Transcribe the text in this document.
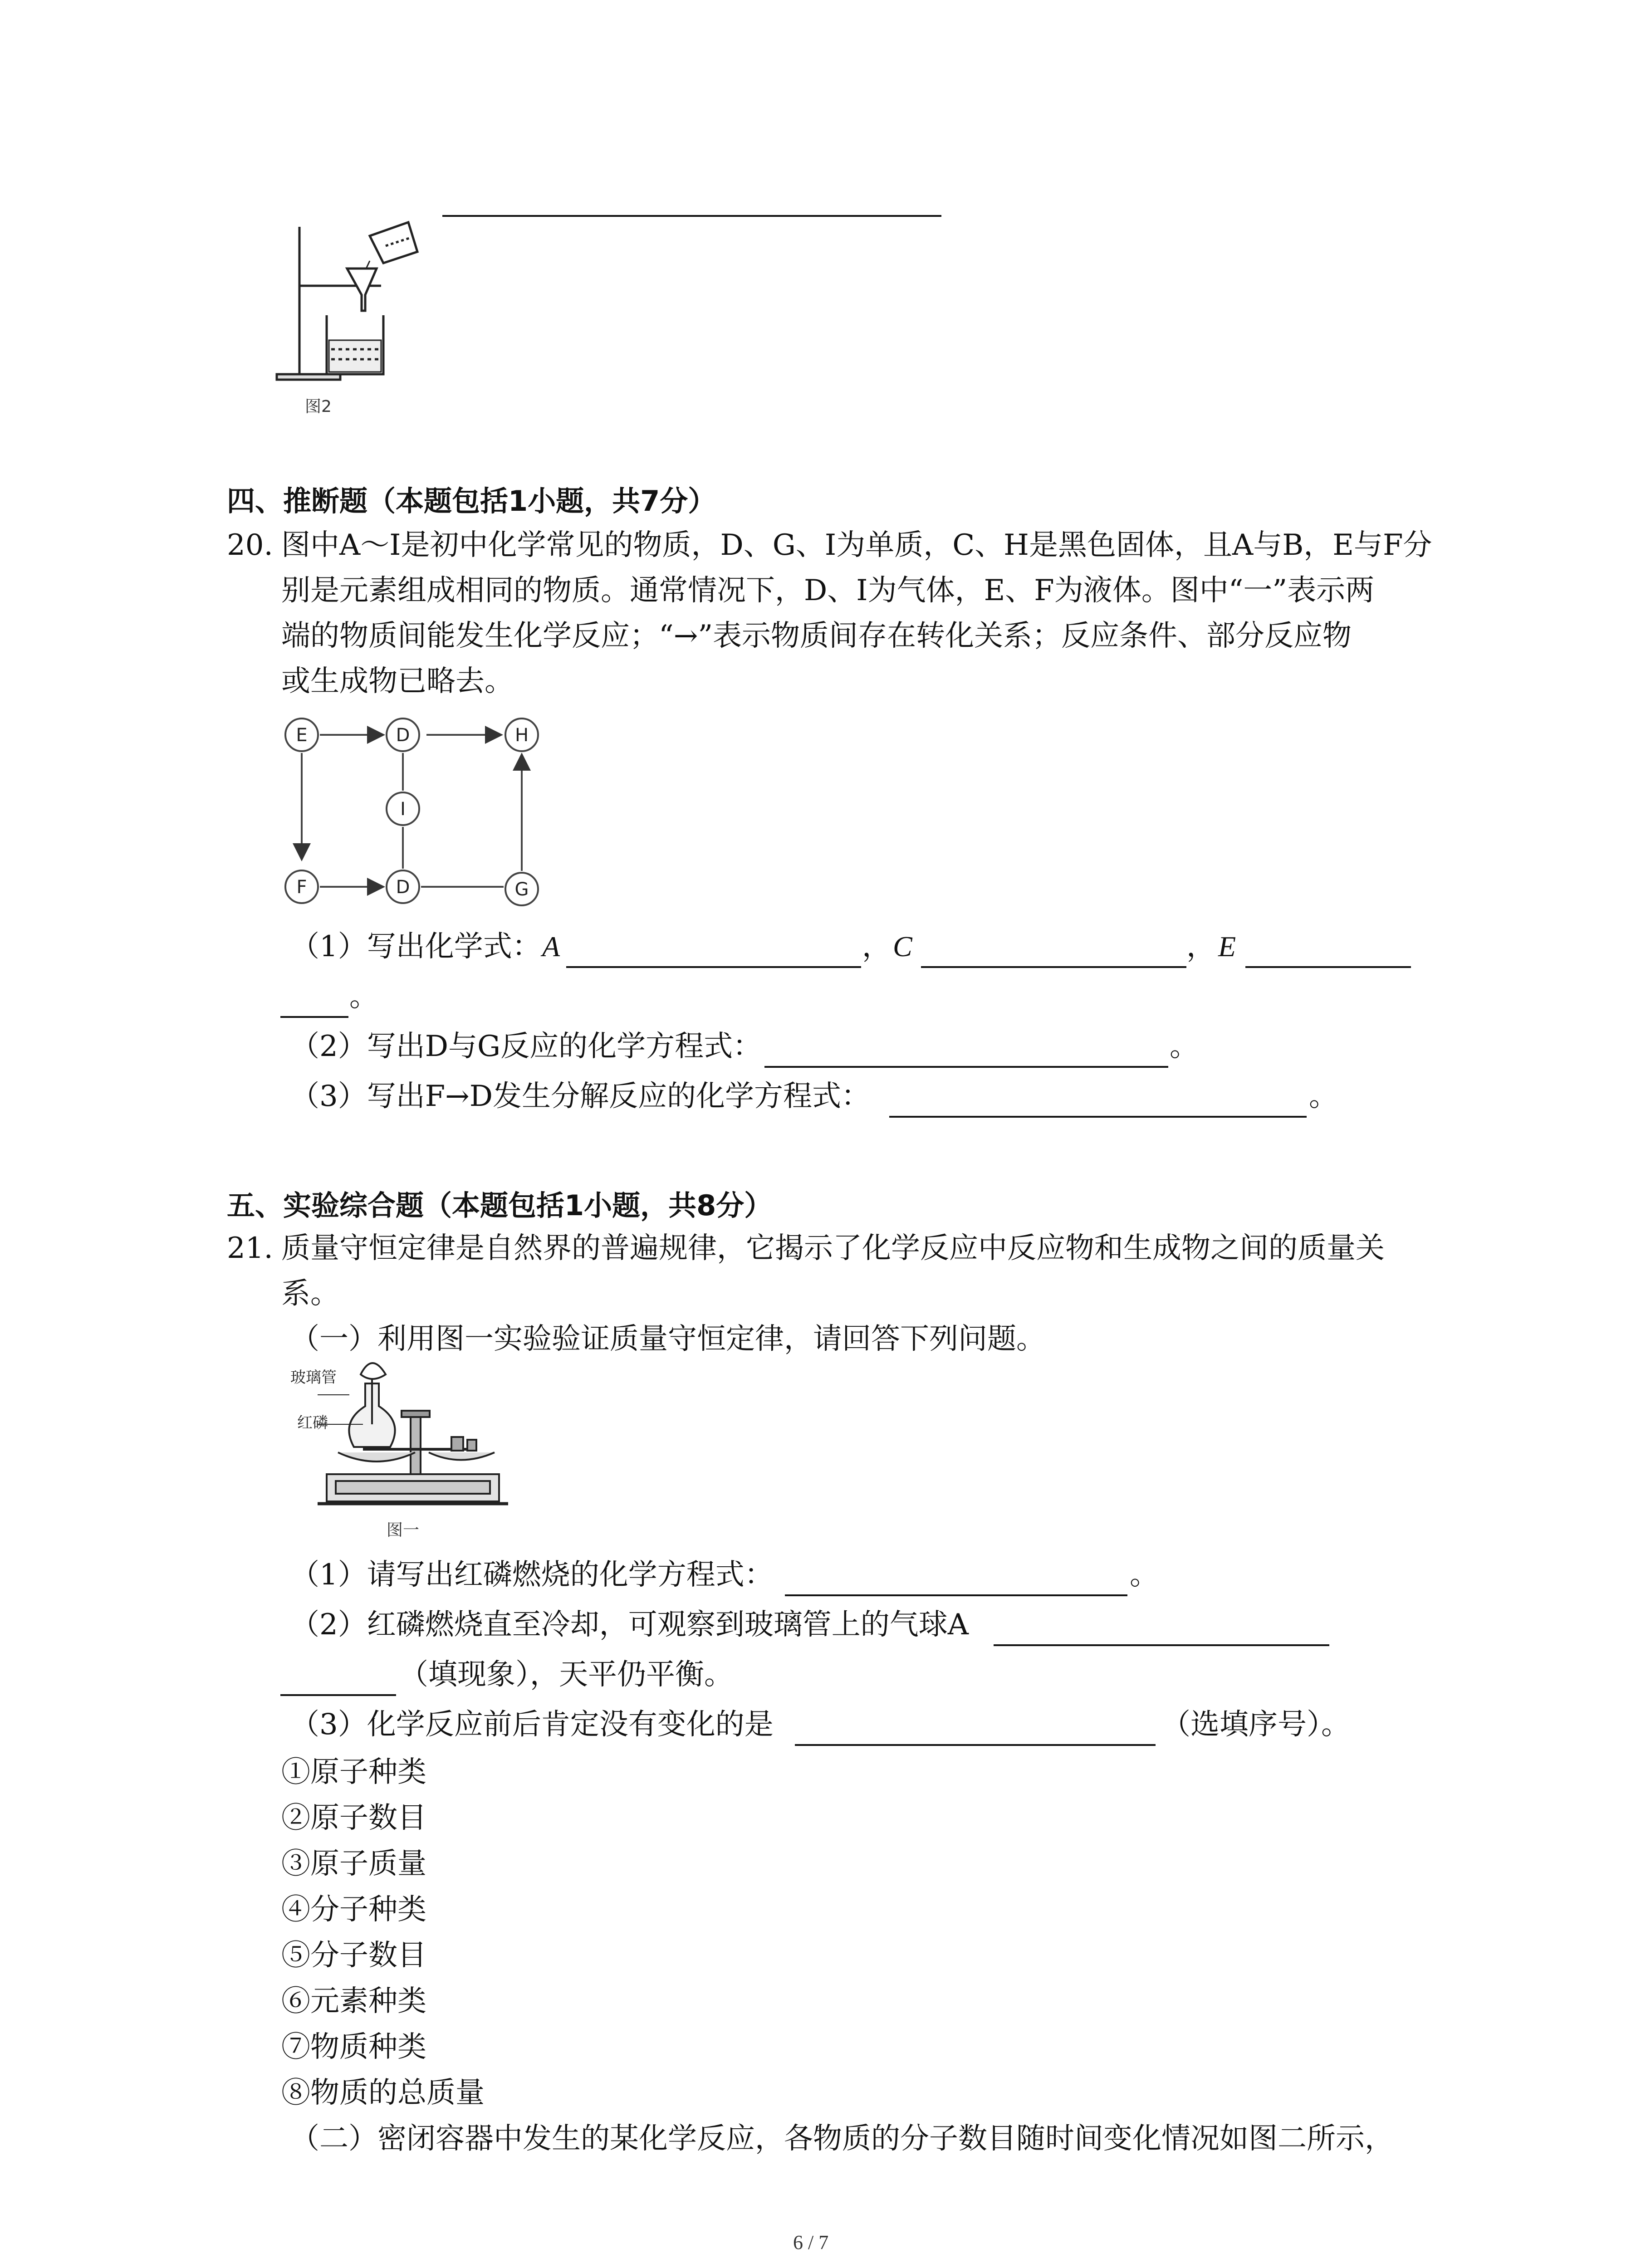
图2
四、推断题（本题包括1小题，共7分）
20. 图中A～I是初中化学常见的物质，D、G、I为单质，C、H是黑色固体，且A与B，E与F分
别是元素组成相同的物质。通常情况下，D、I为气体，E、F为液体。图中“一”表示两
端的物质间能发生化学反应；“→”表示物质间存在转化关系；反应条件、部分反应物
或生成物已略去。
E	D	H
I
F	D	G
（1）写出化学式： A	， C	， E
。
（2）写出D与G反应的化学方程式：	。
（3）写出F→D发生分解反应的化学方程式：	。
五、实验综合题（本题包括1小题，共8分）
21. 质量守恒定律是自然界的普遍规律，它揭示了化学反应中反应物和生成物之间的质量关
系。
（一）利用图一实验验证质量守恒定律，请回答下列问题。
玻璃管
红磷
图一
（1）请写出红磷燃烧的化学方程式：	。
（2）红磷燃烧直至冷却，可观察到玻璃管上的气球A
（填现象），天平仍平衡。
（3）化学反应前后肯定没有变化的是	（选填序号）。
①原子种类
②原子数目
③原子质量
④分子种类
⑤分子数目
⑥元素种类
⑦物质种类
⑧物质的总质量
（二）密闭容器中发生的某化学反应，各物质的分子数目随时间变化情况如图二所示，
6 / 7
